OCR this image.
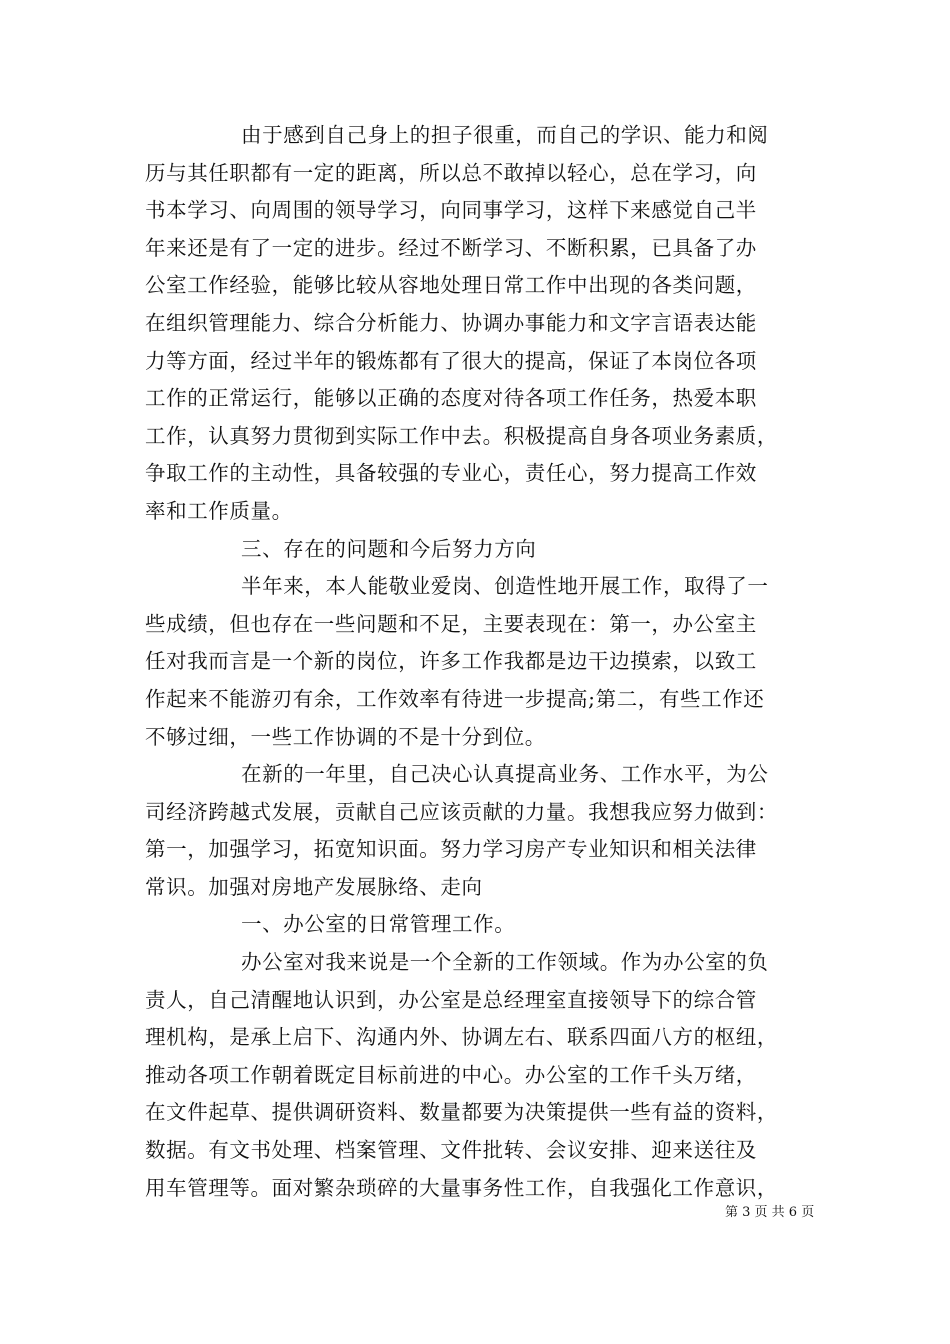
由于感到自己身上的担子很重，而自己的学识、能力和阅
历与其任职都有一定的距离，所以总不敢掉以轻心，总在学习，向
书本学习、向周围的领导学习，向同事学习，这样下来感觉自己半
年来还是有了一定的进步。经过不断学习、不断积累，已具备了办
公室工作经验，能够比较从容地处理日常工作中出现的各类问题，
在组织管理能力、综合分析能力、协调办事能力和文字言语表达能
力等方面，经过半年的锻炼都有了很大的提高，保证了本岗位各项
工作的正常运行，能够以正确的态度对待各项工作任务，热爱本职
工作，认真努力贯彻到实际工作中去。积极提高自身各项业务素质，
争取工作的主动性，具备较强的专业心，责任心，努力提高工作效
率和工作质量。
三、存在的问题和今后努力方向
半年来，本人能敬业爱岗、创造性地开展工作，取得了一
些成绩，但也存在一些问题和不足，主要表现在：第一，办公室主
任对我而言是一个新的岗位，许多工作我都是边干边摸索，以致工
作起来不能游刃有余，工作效率有待进一步提高;第二，有些工作还
不够过细，一些工作协调的不是十分到位。
在新的一年里，自己决心认真提高业务、工作水平，为公
司经济跨越式发展，贡献自己应该贡献的力量。我想我应努力做到：
第一，加强学习，拓宽知识面。努力学习房产专业知识和相关法律
常识。加强对房地产发展脉络、走向
一、办公室的日常管理工作。
办公室对我来说是一个全新的工作领域。作为办公室的负
责人，自己清醒地认识到，办公室是总经理室直接领导下的综合管
理机构，是承上启下、沟通内外、协调左右、联系四面八方的枢纽，
推动各项工作朝着既定目标前进的中心。办公室的工作千头万绪，
在文件起草、提供调研资料、数量都要为决策提供一些有益的资料，
数据。有文书处理、档案管理、文件批转、会议安排、迎来送往及
用车管理等。面对繁杂琐碎的大量事务性工作，自我强化工作意识，
第 3 页 共 6 页
